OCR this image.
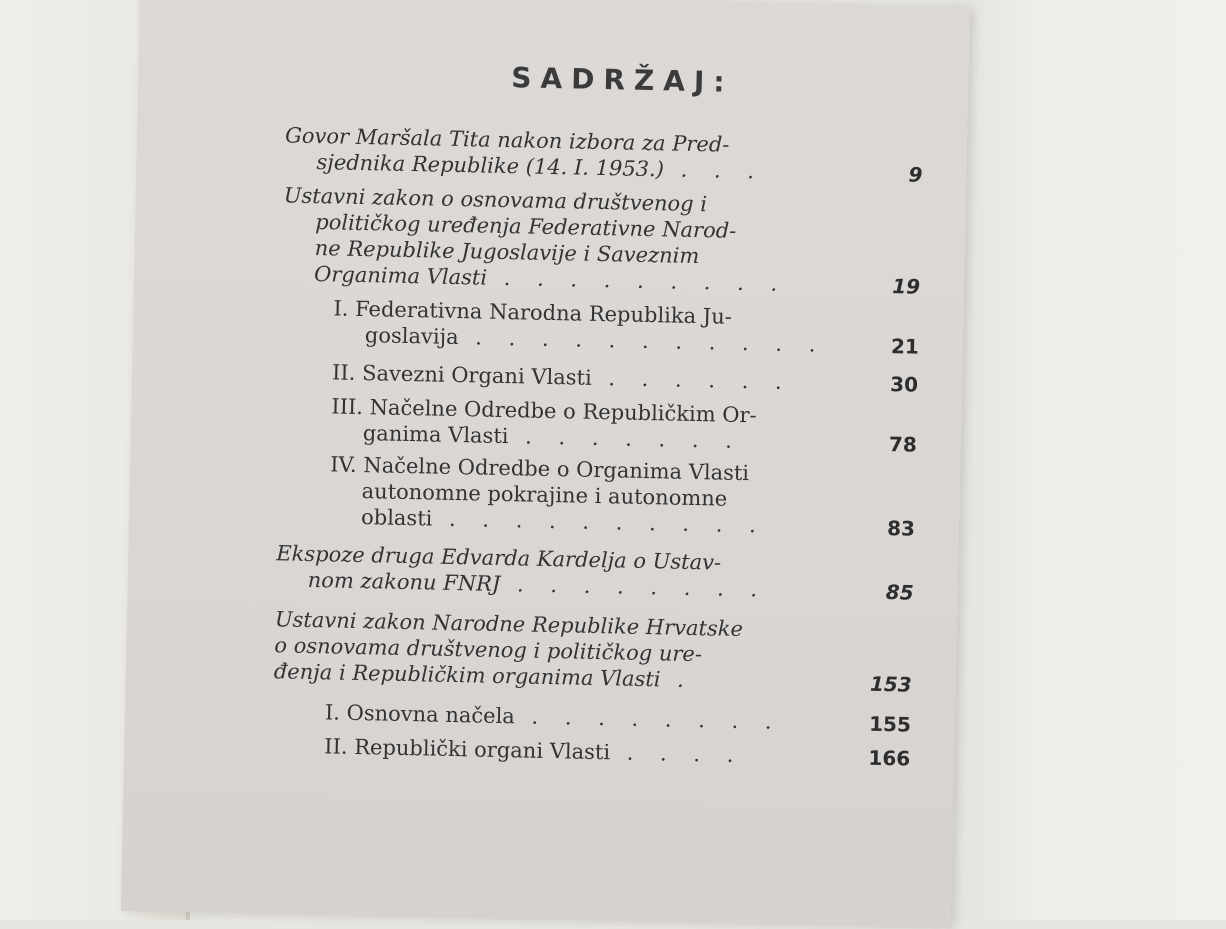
SADRŽAJ:
Govor Maršala Tita nakon izbora za Pred-
sjednika Republike (14. I. 1953.) . . .	9
Ustavni zakon o osnovama društvenog i
političkog uređenja Federativne Narod-
ne Republike Jugoslavije i Saveznim
Organima Vlasti . . . . . . . . .	19
I. Federativna Narodna Republika Ju-
goslavija . . . . . . . . . . .	21
II. Savezni Organi Vlasti . . . . . .	30
III. Načelne Odredbe o Republičkim Or-
ganima Vlasti . . . . . . .	78
IV. Načelne Odredbe o Organima Vlasti
autonomne pokrajine i autonomne
oblasti . . . . . . . . . .	83
Ekspoze druga Edvarda Kardelja o Ustav-
nom zakonu FNRJ . . . . . . . .	85
Ustavni zakon Narodne Republike Hrvatske
o osnovama društvenog i političkog ure-
đenja i Republičkim organima Vlasti .	153
I. Osnovna načela . . . . . . . .	155
II. Republički organi Vlasti . . . .	166
